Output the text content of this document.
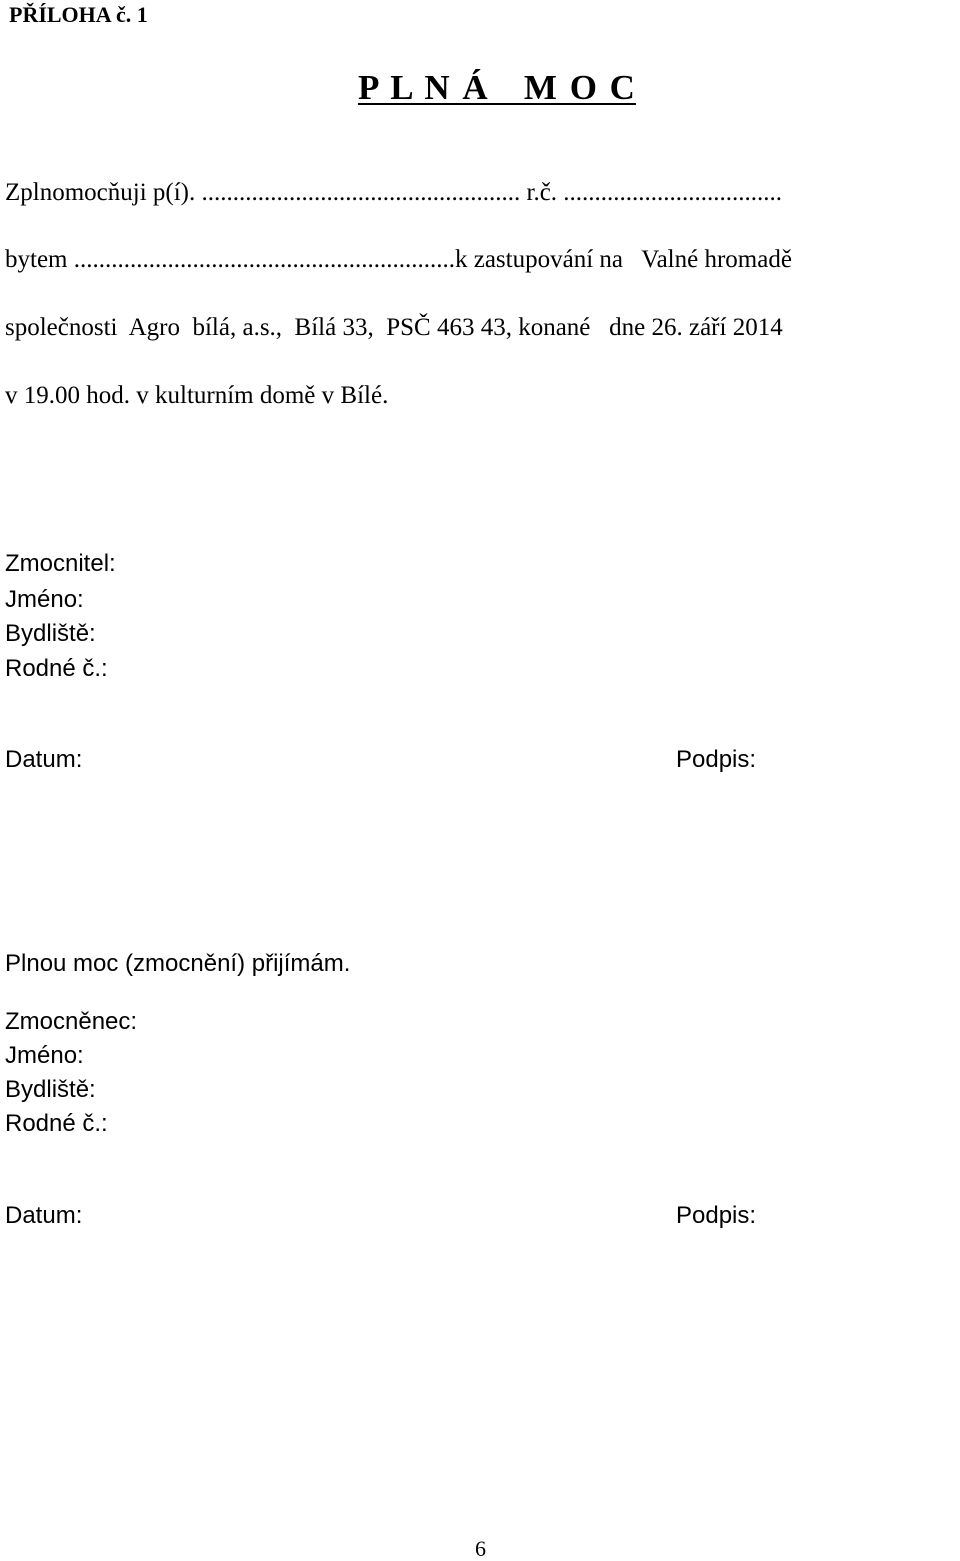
PŘÍLOHA č. 1
P L N Á   M O C
Zplnomocňuji p(í). ................................................... r.č. ...................................
bytem .............................................................k zastupování na   Valné hromadě
společnosti  Agro  bílá, a.s.,  Bílá 33,  PSČ 463 43, konané   dne 26. září 2014
v 19.00 hod. v kulturním domě v Bílé.
Zmocnitel:
Jméno:
Bydliště:
Rodné č.:
Datum:	Podpis:
Plnou moc (zmocnění) přijímám.
Zmocněnec:
Jméno:
Bydliště:
Rodné č.:
Datum:	Podpis:
6
